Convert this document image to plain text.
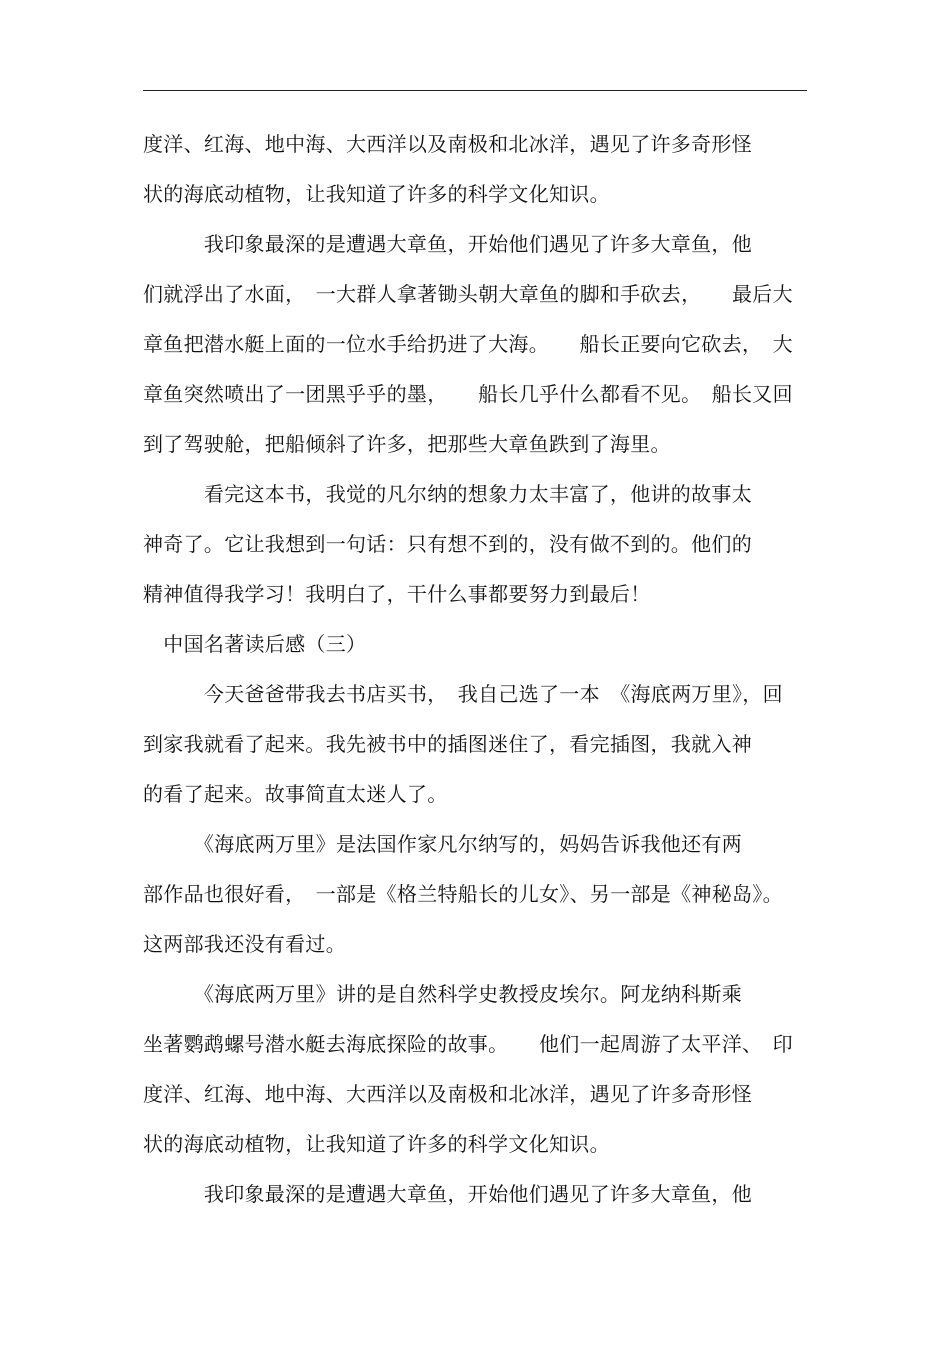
度洋、红海、地中海、大西洋以及南极和北冰洋，遇见了许多奇形怪
状的海底动植物，让我知道了许多的科学文化知识。
　　　我印象最深的是遭遇大章鱼，开始他们遇见了许多大章鱼，他
们就浮出了水面，　一大群人拿著锄头朝大章鱼的脚和手砍去，　　最后大
章鱼把潜水艇上面的一位水手给扔进了大海。　　船长正要向它砍去，　大
章鱼突然喷出了一团黑乎乎的墨，　　船长几乎什么都看不见。　船长又回
到了驾驶舱，把船倾斜了许多，把那些大章鱼跌到了海里。
　　　看完这本书，我觉的凡尔纳的想象力太丰富了，他讲的故事太
神奇了。它让我想到一句话：只有想不到的，没有做不到的。他们的
精神值得我学习！我明白了，干什么事都要努力到最后！
　中国名著读后感（三）
　　　今天爸爸带我去书店买书，　我自己选了一本　《海底两万里》，回
到家我就看了起来。我先被书中的插图迷住了，看完插图，我就入神
的看了起来。故事简直太迷人了。
　　　《海底两万里》是法国作家凡尔纳写的，妈妈告诉我他还有两
部作品也很好看，　一部是《格兰特船长的儿女》、另一部是《神秘岛》。
这两部我还没有看过。
　　　《海底两万里》讲的是自然科学史教授皮埃尔。阿龙纳科斯乘
坐著鹦鹉螺号潜水艇去海底探险的故事。　　他们一起周游了太平洋、　印
度洋、红海、地中海、大西洋以及南极和北冰洋，遇见了许多奇形怪
状的海底动植物，让我知道了许多的科学文化知识。
　　　我印象最深的是遭遇大章鱼，开始他们遇见了许多大章鱼，他
